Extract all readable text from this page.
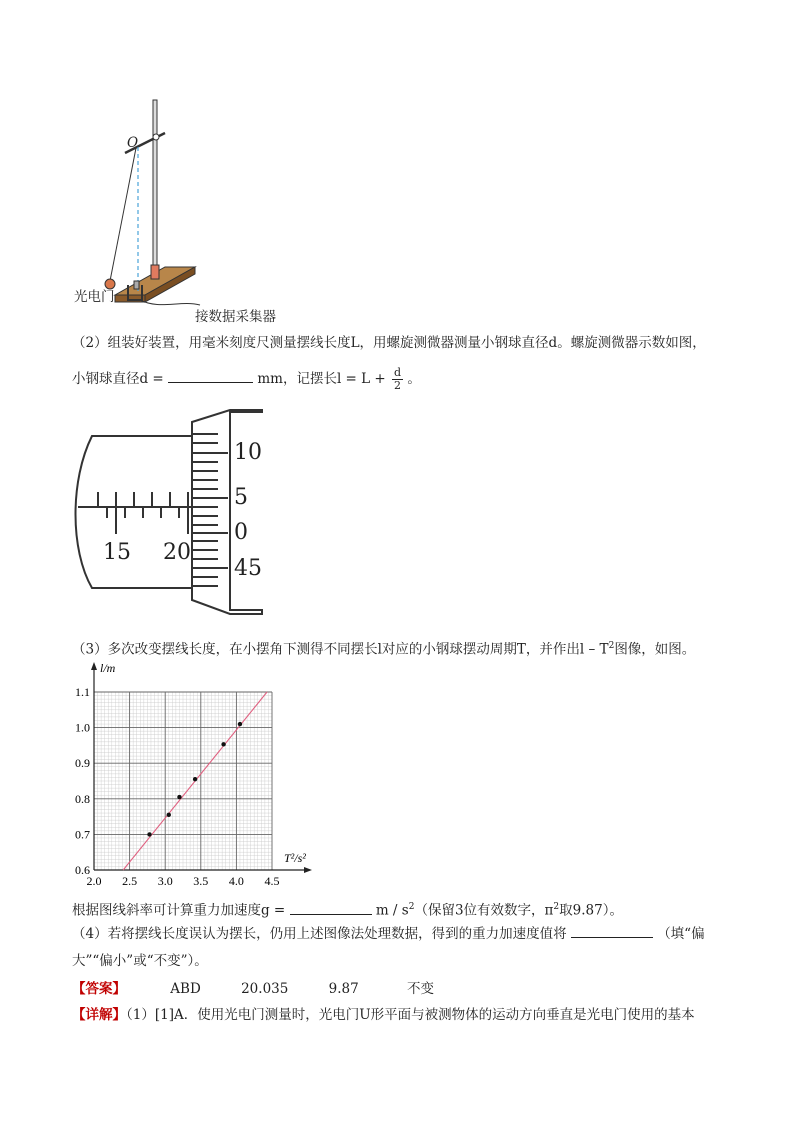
O
光电门
接数据采集器
（2）组装好装置，用毫米刻度尺测量摆线长度L，用螺旋测微器测量小钢球直径d。螺旋测微器示数如图，
小钢球直径d =	mm，记摆长$l = L + \frac{d}{2}$ 。
15 20
10
5
0
45
（3）多次改变摆线长度，在小摆角下测得不同摆长l对应的小钢球摆动周期T，并作出l – $T^2$图像，如图。
2.0 2.5 3.0 3.5 4.0 4.5
0.6
0.7
0.8
0.9
1.0
1.1
T²/s²
l/m
根据图线斜率可计算重力加速度g =	m / $s^2$（保留3位有效数字，$\pi^2$取9.87）。
（4）若将摆线长度误认为摆长，仍用上述图像法处理数据，得到的重力加速度值将	（填“偏
大”“偏小”或“不变”）。
【答案】	ABD	20.035	9.87	不变
【详解】（1）[1]A．使用光电门测量时，光电门U形平面与被测物体的运动方向垂直是光电门使用的基本
